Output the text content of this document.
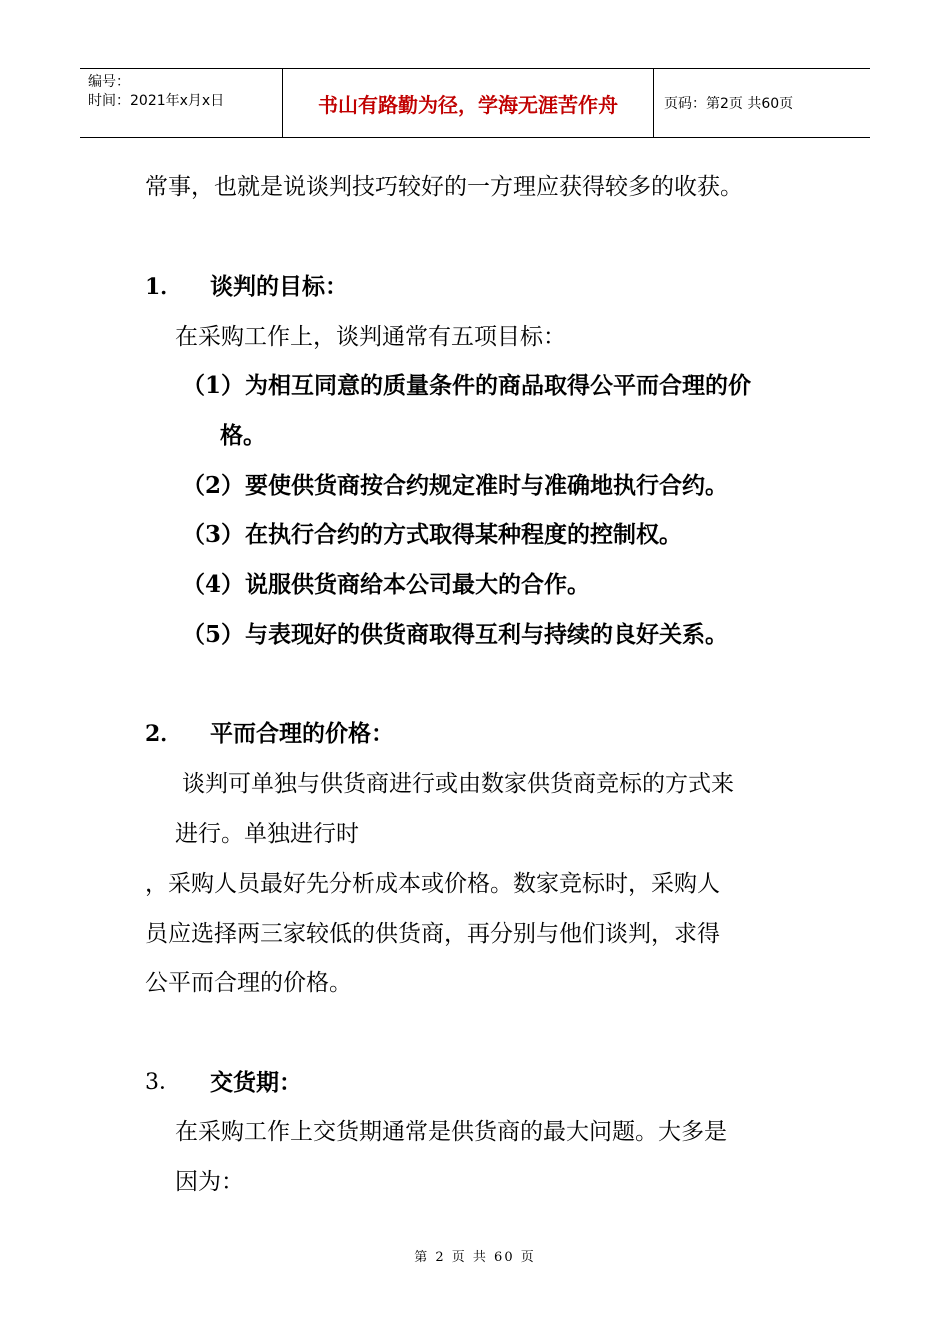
编号：
时间：2021年x月x日	书山有路勤为径，学海无涯苦作舟	页码：第2页 共60页
常事，也就是说谈判技巧较好的一方理应获得较多的收获。
1． 谈判的目标：
在采购工作上，谈判通常有五项目标：
（1） 为相互同意的质量条件的商品取得公平而合理的价
格。
（2） 要使供货商按合约规定准时与准确地执行合约。
（3） 在执行合约的方式取得某种程度的控制权。
（4） 说服供货商给本公司最大的合作。
（5） 与表现好的供货商取得互利与持续的良好关系。
2． 平而合理的价格：
谈判可单独与供货商进行或由数家供货商竞标的方式来
进行。单独进行时
，采购人员最好先分析成本或价格。数家竞标时，采购人
员应选择两三家较低的供货商，再分别与他们谈判，求得
公平而合理的价格。
3． 交货期：
在采购工作上交货期通常是供货商的最大问题。大多是
因为：
第 2 页 共 60 页
